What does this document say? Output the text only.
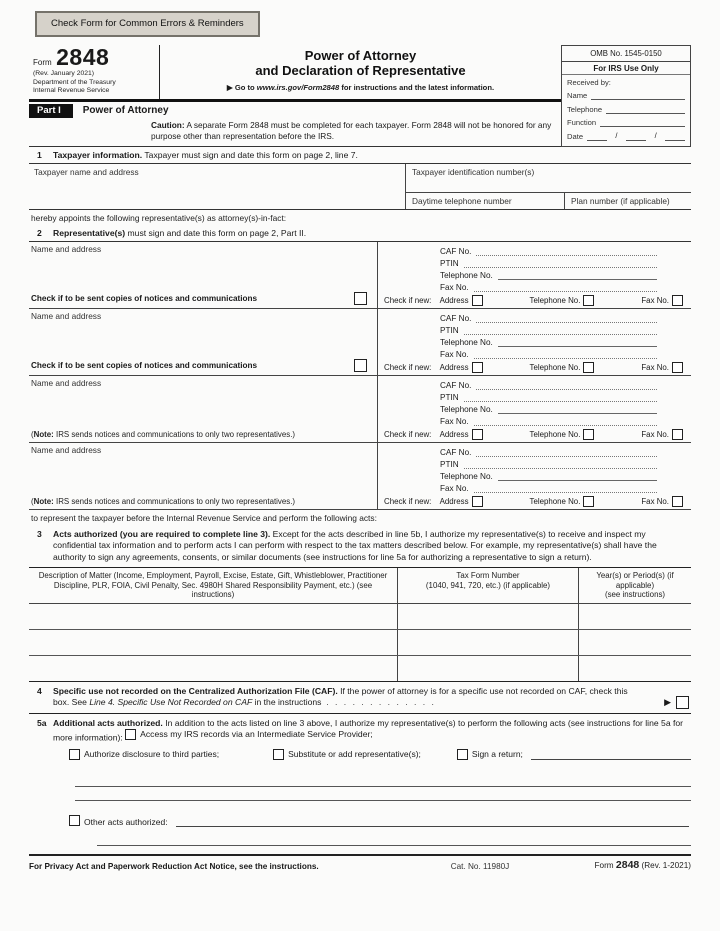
Check Form for Common Errors & Reminders
Form 2848
(Rev. January 2021)
Department of the Treasury
Internal Revenue Service
Power of Attorney
and Declaration of Representative
▶ Go to www.irs.gov/Form2848 for instructions and the latest information.
Part I	Power of Attorney
Caution: A separate Form 2848 must be completed for each taxpayer. Form 2848 will not be honored for any purpose other than representation before the IRS.
OMB No. 1545-0150
For IRS Use Only
Received by:
Name
Telephone
Function
Date	/	/
1	Taxpayer information. Taxpayer must sign and date this form on page 2, line 7.
Taxpayer name and address	Taxpayer identification number(s)
Daytime telephone number	Plan number (if applicable)
hereby appoints the following representative(s) as attorney(s)-in-fact:
2	Representative(s) must sign and date this form on page 2, Part II.
Name and address
Check if to be sent copies of notices and communications
CAF No.
PTIN
Telephone No.
Fax No.
Check if new:
Address	Telephone No.	Fax No.
Name and address
Check if to be sent copies of notices and communications
CAF No.
PTIN
Telephone No.
Fax No.
Check if new:
Address	Telephone No.	Fax No.
Name and address
(Note: IRS sends notices and communications to only two representatives.)
CAF No.
PTIN
Telephone No.
Fax No.
Check if new:
Address	Telephone No.	Fax No.
Name and address
(Note: IRS sends notices and communications to only two representatives.)
CAF No.
PTIN
Telephone No.
Fax No.
Check if new:
Address	Telephone No.	Fax No.
to represent the taxpayer before the Internal Revenue Service and perform the following acts:
3	Acts authorized (you are required to complete line 3). Except for the acts described in line 5b, I authorize my representative(s) to receive and inspect my confidential tax information and to perform acts I can perform with respect to the tax matters described below. For example, my representative(s) shall have the authority to sign any agreements, consents, or similar documents (see instructions for line 5a for authorizing a representative to sign a return).
Description of Matter (Income, Employment, Payroll, Excise, Estate, Gift, Whistleblower, Practitioner Discipline, PLR, FOIA, Civil Penalty, Sec. 4980H Shared Responsibility Payment, etc.) (see instructions)
Tax Form Number
(1040, 941, 720, etc.) (if applicable)
Year(s) or Period(s) (if applicable)
(see instructions)
4	Specific use not recorded on the Centralized Authorization File (CAF). If the power of attorney is for a specific use not recorded on CAF, check this box. See Line 4. Specific Use Not Recorded on CAF in the instructions . . . . . . . . . . . . .	▶
5a Additional acts authorized. In addition to the acts listed on line 3 above, I authorize my representative(s) to perform the following acts (see instructions for line 5a for more information): Access my IRS records via an Intermediate Service Provider;
Authorize disclosure to third parties;	Substitute or add representative(s);	Sign a return;
Other acts authorized:
For Privacy Act and Paperwork Reduction Act Notice, see the instructions.	Cat. No. 11980J	Form 2848 (Rev. 1-2021)
